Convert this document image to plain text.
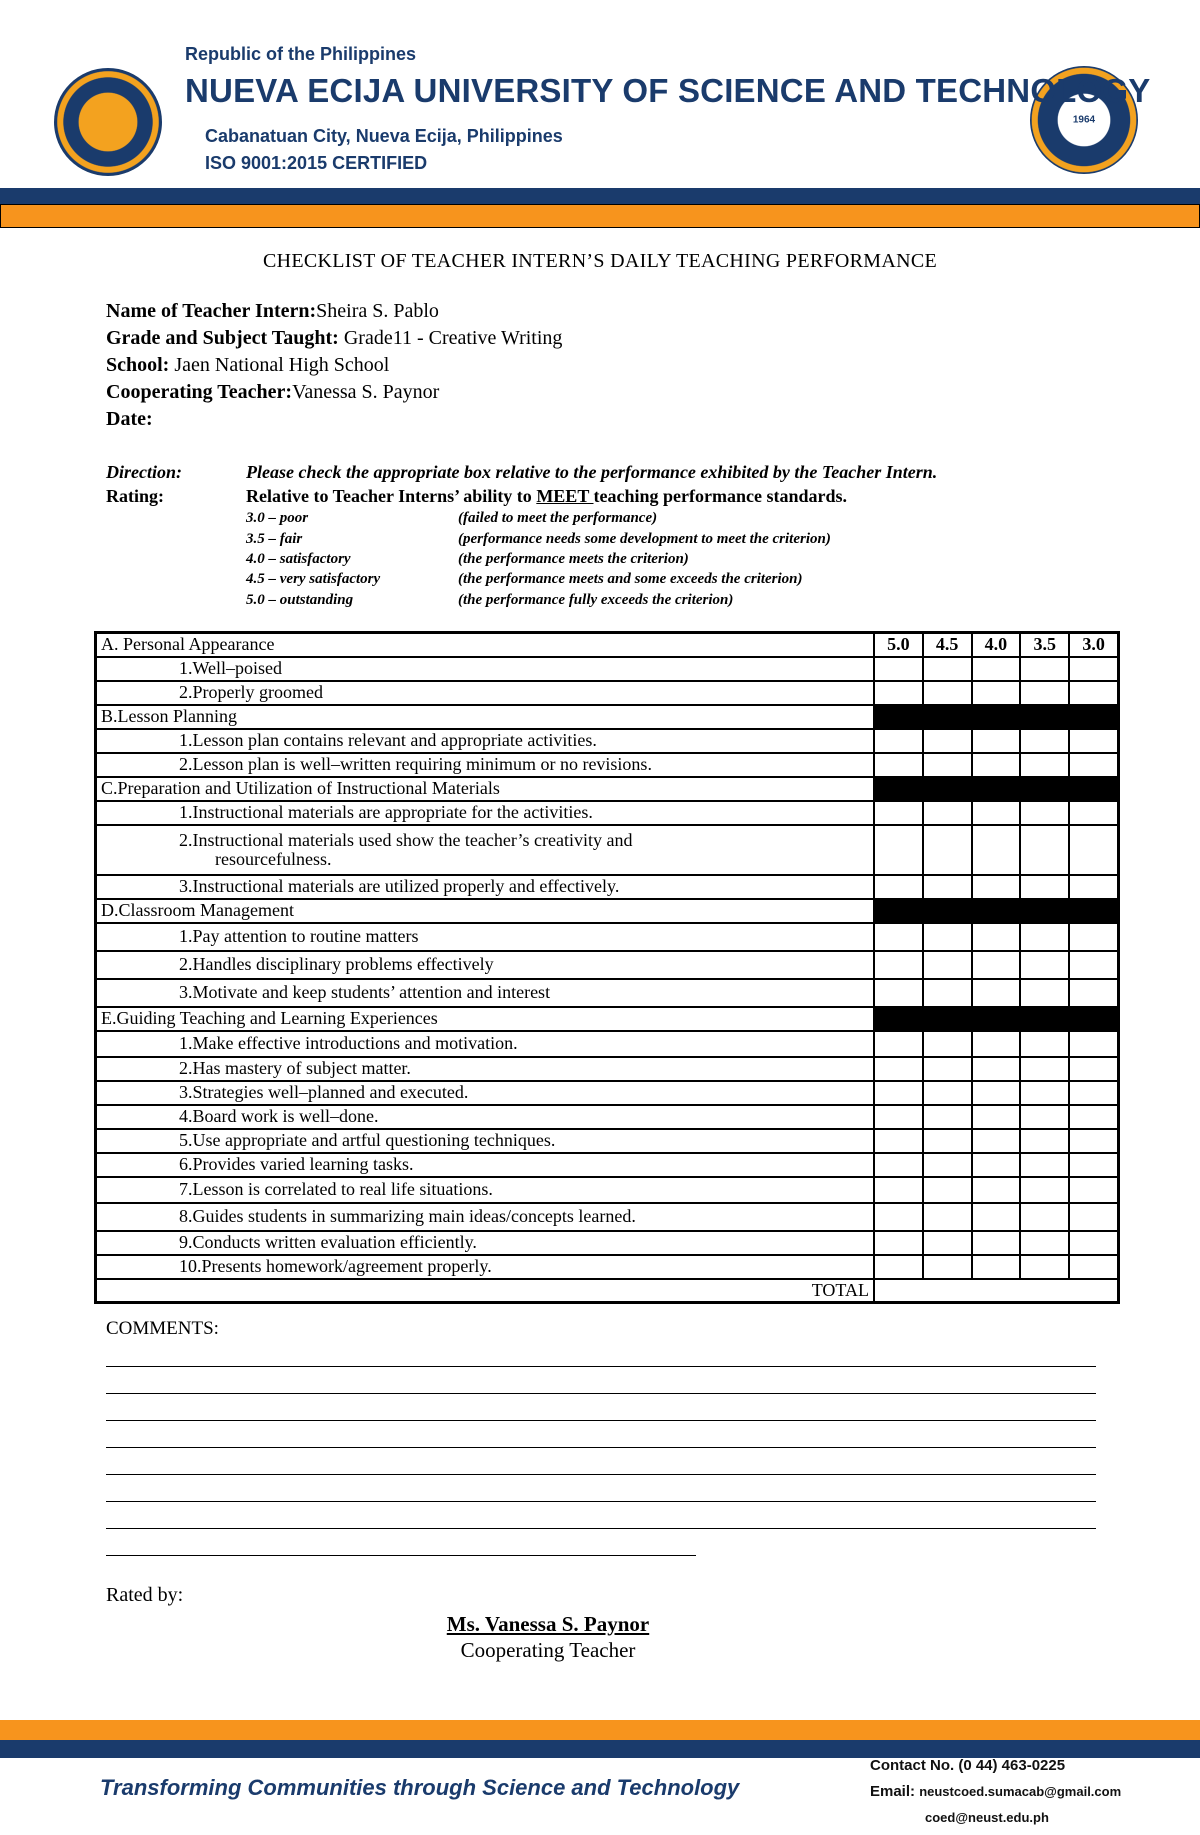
1964
Republic of the Philippines
NUEVA ECIJA UNIVERSITY OF SCIENCE AND TECHNOLOGY
Cabanatuan City, Nueva Ecija, Philippines
ISO 9001:2015 CERTIFIED
CHECKLIST OF TEACHER INTERN’S DAILY TEACHING PERFORMANCE
Name of Teacher Intern:Sheira S. Pablo
Grade and Subject Taught: Grade11 - Creative Writing
School: Jaen National High School
Cooperating Teacher:Vanessa S. Paynor
Date:
Direction:	Please check the appropriate box relative to the performance exhibited by the Teacher Intern.
Rating:	Relative to Teacher Interns’ ability to MEET teaching performance standards.
3.0 – poor	(failed to meet the performance)
3.5 – fair	(performance needs some development to meet the criterion)
4.0 – satisfactory	(the performance meets the criterion)
4.5 – very satisfactory	(the performance meets and some exceeds the criterion)
5.0 – outstanding	(the performance fully exceeds the criterion)
A. Personal Appearance	5.0	4.5	4.0	3.5	3.0
1.Well–poised					
2.Properly groomed					
B.Lesson Planning					
1.Lesson plan contains relevant and appropriate activities.					
2.Lesson plan is well–written requiring minimum or no revisions.					
C.Preparation and Utilization of Instructional Materials					
1.Instructional materials are appropriate for the activities.					
2.Instructional materials used show the teacher’s creativity and
resourcefulness.					

3.Instructional materials are utilized properly and effectively.					
D.Classroom Management					
1.Pay attention to routine matters					
2.Handles disciplinary problems effectively					
3.Motivate and keep students’ attention and interest					
E.Guiding Teaching and Learning Experiences					
1.Make effective introductions and motivation.					
2.Has mastery of subject matter.					
3.Strategies well–planned and executed.					
4.Board work is well–done.					
5.Use appropriate and artful questioning techniques.					
6.Provides varied learning tasks.					
7.Lesson is correlated to real life situations.					
8.Guides students in summarizing main ideas/concepts learned.					
9.Conducts written evaluation efficiently.					
10.Presents homework/agreement properly.					
TOTAL					
COMMENTS:
Rated by:
Ms. Vanessa S. Paynor
Cooperating Teacher
Transforming Communities through Science and Technology
Contact No. (0 44) 463-0225
Email: neustcoed.sumacab@gmail.com
coed@neust.edu.ph
